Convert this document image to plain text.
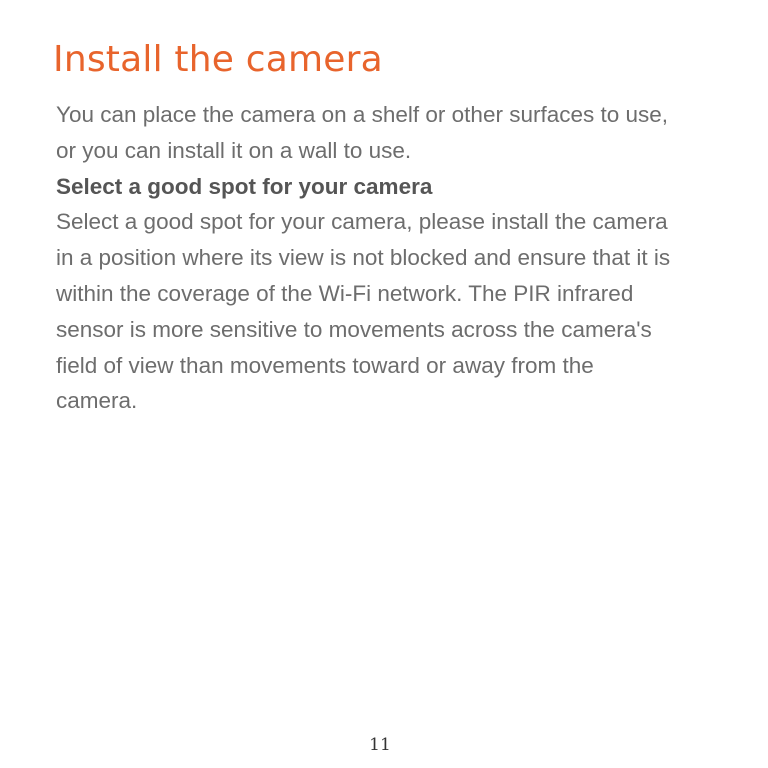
Install the camera

You can place the camera on a shelf or other surfaces to use,

or you can install it on a wall to use.

Select a good spot for your camera

Select a good spot for your camera, please install the camera

in a position where its view is not blocked and ensure that it is

within the coverage of the Wi-Fi network. The PIR infrared

sensor is more sensitive to movements across the camera's

field of view than movements toward or away from the

camera.

11
